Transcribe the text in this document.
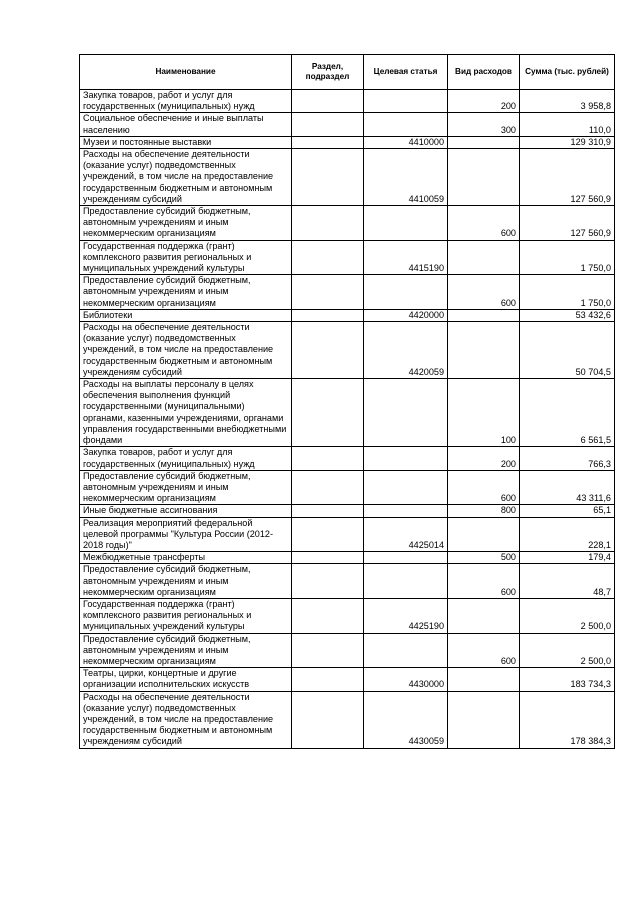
Наименование	Раздел, подраздел	Целевая статья	Вид расходов	Сумма (тыс. рублей)
Закупка товаров, работ и услуг для государственных (муниципальных) нужд			200	3 958,8
Социальное обеспечение и иные выплаты населению			300	110,0
Музеи и постоянные выставки		4410000		129 310,9
Расходы на обеспечение деятельности (оказание услуг) подведомственных учреждений, в том числе на предоставление государственным бюджетным и автономным учреждениям субсидий		4410059		127 560,9
Предоставление субсидий бюджетным, автономным учреждениям и иным некоммерческим организациям			600	127 560,9
Государственная поддержка (грант) комплексного развития региональных и муниципальных учреждений культуры		4415190		1 750,0
Предоставление субсидий бюджетным, автономным учреждениям и иным некоммерческим организациям			600	1 750,0
Библиотеки		4420000		53 432,6
Расходы на обеспечение деятельности (оказание услуг) подведомственных учреждений, в том числе на предоставление государственным бюджетным и автономным учреждениям субсидий		4420059		50 704,5
Расходы на выплаты персоналу в целях обеспечения выполнения функций государственными (муниципальными) органами, казенными учреждениями, органами управления государственными внебюджетными фондами			100	6 561,5
Закупка товаров, работ и услуг для государственных (муниципальных) нужд			200	766,3
Предоставление субсидий бюджетным, автономным учреждениям и иным некоммерческим организациям			600	43 311,6
Иные бюджетные ассигнования			800	65,1
Реализация мероприятий федеральной целевой программы "Культура России (2012-2018 годы)"		4425014		228,1
Межбюджетные трансферты			500	179,4
Предоставление субсидий бюджетным, автономным учреждениям и иным некоммерческим организациям			600	48,7
Государственная поддержка (грант) комплексного развития региональных и муниципальных учреждений культуры		4425190		2 500,0
Предоставление субсидий бюджетным, автономным учреждениям и иным некоммерческим организациям			600	2 500,0
Театры, цирки, концертные и другие организации исполнительских искусств		4430000		183 734,3
Расходы на обеспечение деятельности (оказание услуг) подведомственных учреждений, в том числе на предоставление государственным бюджетным и автономным учреждениям субсидий		4430059		178 384,3
